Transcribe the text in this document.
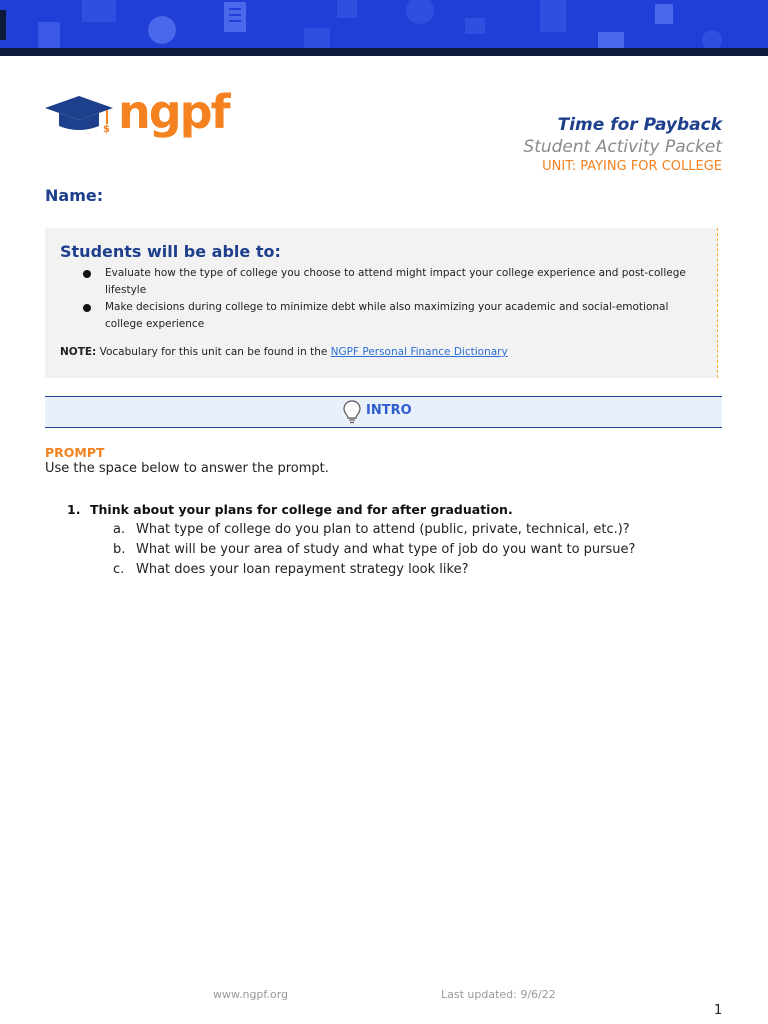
$ ngpf	Time for Payback
Student Activity Packet
UNIT: PAYING FOR COLLEGE
Name:
Students will be able to:
Evaluate how the type of college you choose to attend might impact your college experience and post-college lifestyle
Make decisions during college to minimize debt while also maximizing your academic and social-emotional college experience
NOTE: Vocabulary for this unit can be found in the NGPF Personal Finance Dictionary
INTRO
PROMPT
Use the space below to answer the prompt.
1. Think about your plans for college and for after graduation.
a. What type of college do you plan to attend (public, private, technical, etc.)?
b. What will be your area of study and what type of job do you want to pursue?
c. What does your loan repayment strategy look like?
www.ngpf.org	Last updated: 9/6/22
1
